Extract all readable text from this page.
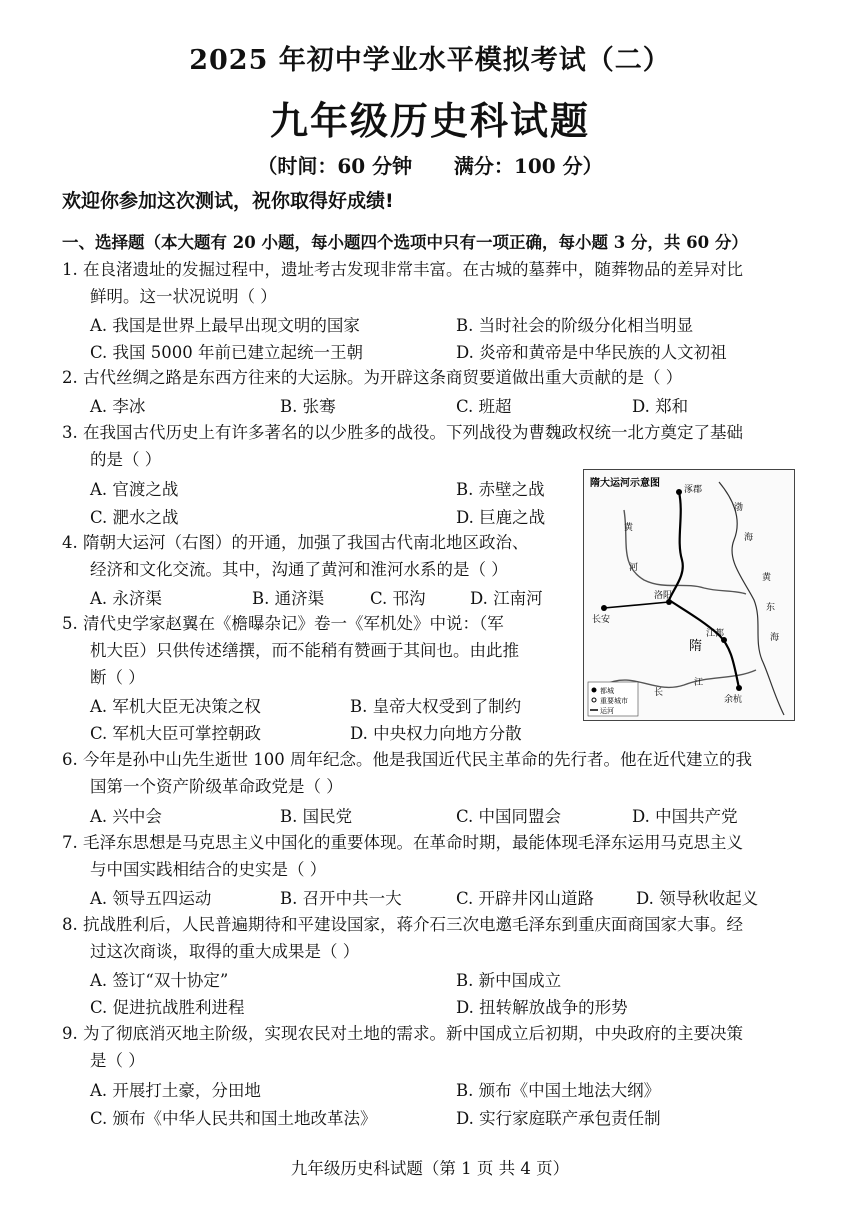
2025 年初中学业水平模拟考试（二）
九年级历史科试题
（时间：60 分钟      满分：100 分）
欢迎你参加这次测试，祝你取得好成绩!
一、选择题（本大题有 20 小题，每小题四个选项中只有一项正确，每小题 3 分，共 60 分）
1. 在良渚遗址的发掘过程中，遗址考古发现非常丰富。在古城的墓葬中，随葬物品的差异对比
鲜明。这一状况说明（ ）
A. 我国是世界上最早出现文明的国家	B. 当时社会的阶级分化相当明显
C. 我国 5000 年前已建立起统一王朝	D. 炎帝和黄帝是中华民族的人文初祖
2. 古代丝绸之路是东西方往来的大运脉。为开辟这条商贸要道做出重大贡献的是（ ）
A. 李冰	B. 张骞	C. 班超	D. 郑和
3. 在我国古代历史上有许多著名的以少胜多的战役。下列战役为曹魏政权统一北方奠定了基础
的是（ ）
A. 官渡之战	B. 赤壁之战
C. 淝水之战	D. 巨鹿之战
4. 隋朝大运河（右图）的开通，加强了我国古代南北地区政治、
经济和文化交流。其中，沟通了黄河和淮河水系的是（ ）
A. 永济渠	B. 通济渠	C. 邗沟	D. 江南河
5. 清代史学家赵翼在《檐曝杂记》卷一《军机处》中说：（军
机大臣）只供传述缮撰，而不能稍有赞画于其间也。由此推
断（ ）
A. 军机大臣无决策之权	B. 皇帝大权受到了制约
C. 军机大臣可掌控朝政	D. 中央权力向地方分散
隋大运河示意图
涿郡
洛阳
长安
江都
余杭
隋
渤
海
黄
东
海
长
江
黄
河
都城
重要城市
运河
6. 今年是孙中山先生逝世 100 周年纪念。他是我国近代民主革命的先行者。他在近代建立的我
国第一个资产阶级革命政党是（ ）
A. 兴中会	B. 国民党	C. 中国同盟会	D. 中国共产党
7. 毛泽东思想是马克思主义中国化的重要体现。在革命时期，最能体现毛泽东运用马克思主义
与中国实践相结合的史实是（ ）
A. 领导五四运动	B. 召开中共一大	C. 开辟井冈山道路	D. 领导秋收起义
8. 抗战胜利后，人民普遍期待和平建设国家，蒋介石三次电邀毛泽东到重庆面商国家大事。经
过这次商谈，取得的重大成果是（ ）
A. 签订“双十协定”	B. 新中国成立
C. 促进抗战胜利进程	D. 扭转解放战争的形势
9. 为了彻底消灭地主阶级，实现农民对土地的需求。新中国成立后初期，中央政府的主要决策
是（ ）
A. 开展打土豪，分田地	B. 颁布《中国土地法大纲》
C. 颁布《中华人民共和国土地改革法》	D. 实行家庭联产承包责任制
九年级历史科试题（第 1 页 共 4 页）
